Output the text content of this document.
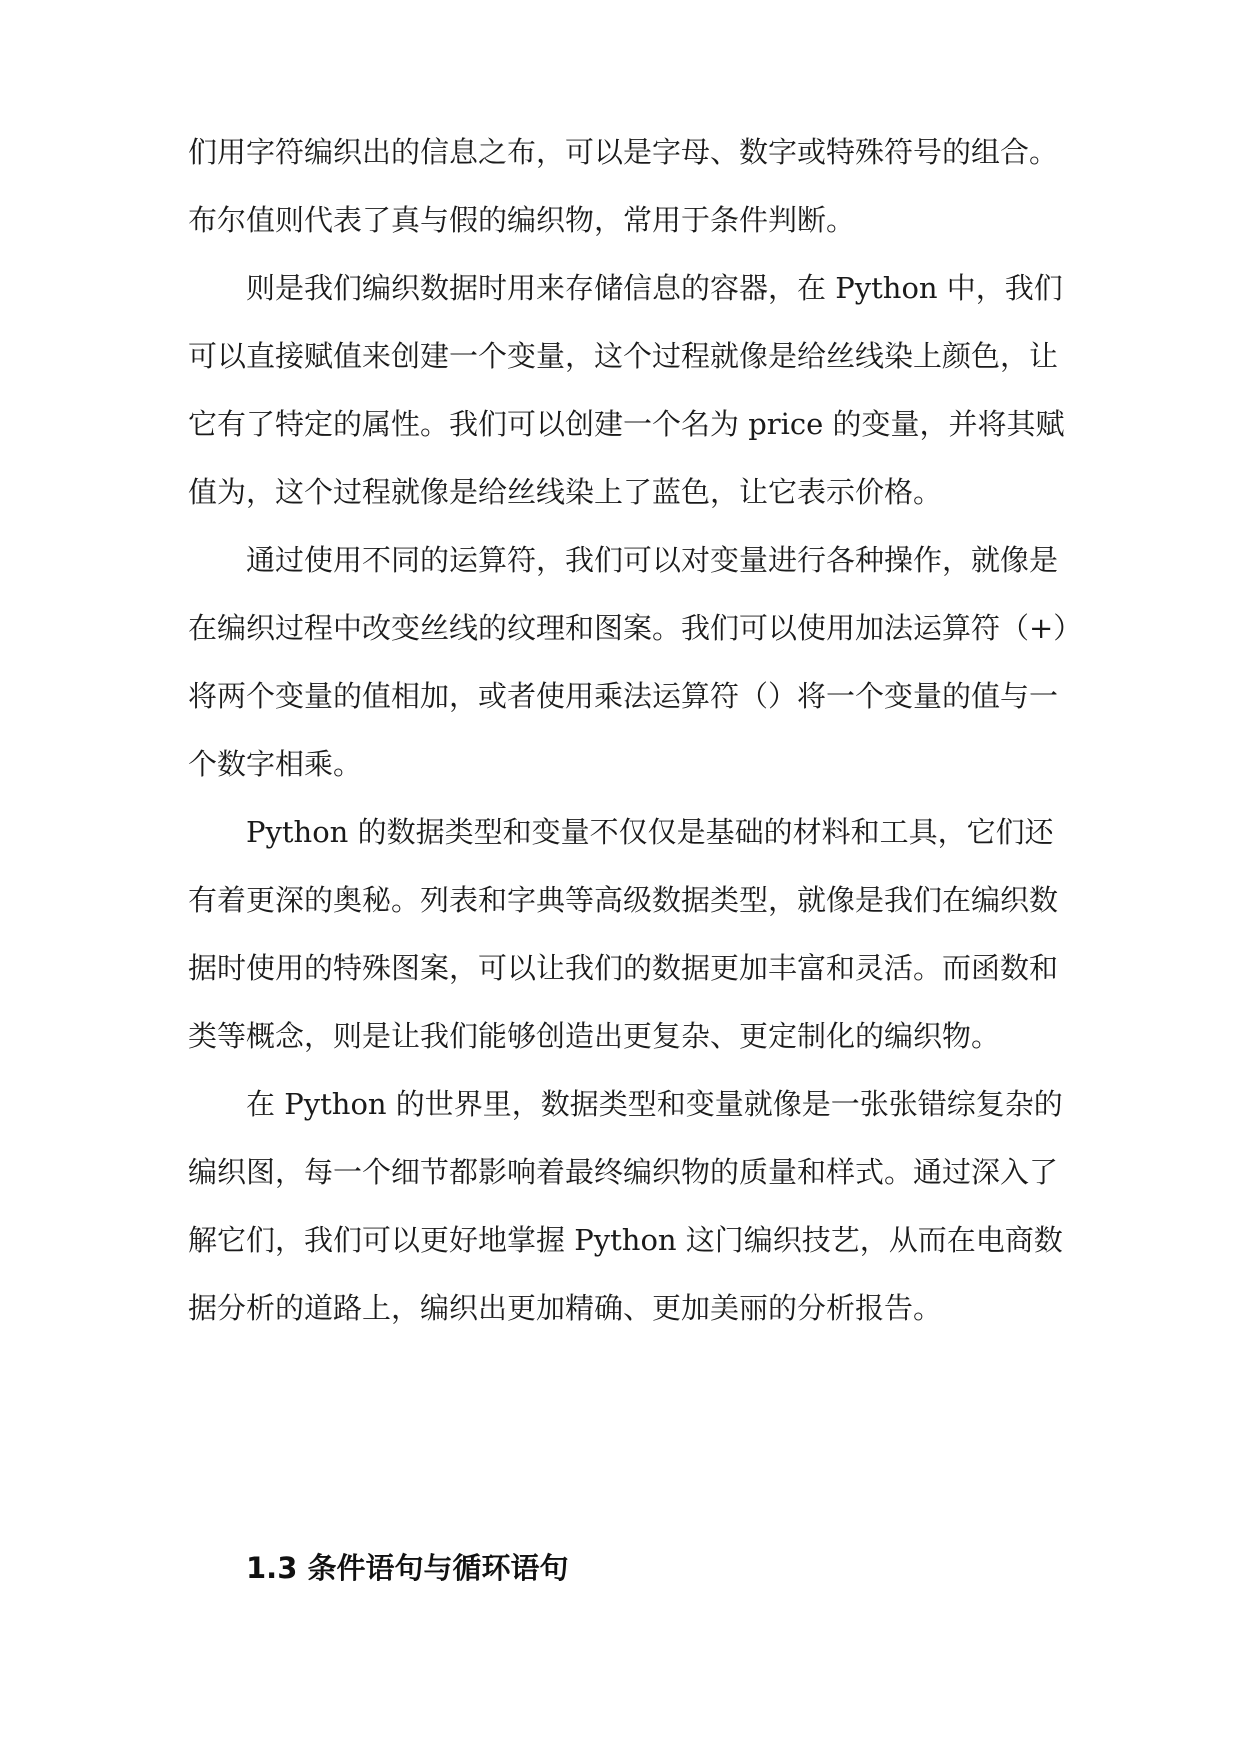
们用字符编织出的信息之布，可以是字母、数字或特殊符号的组合。

布尔值则代表了真与假的编织物，常用于条件判断。

则是我们编织数据时用来存储信息的容器，在 Python 中，我们

可以直接赋值来创建一个变量，这个过程就像是给丝线染上颜色，让

它有了特定的属性。我们可以创建一个名为 price 的变量，并将其赋

值为，这个过程就像是给丝线染上了蓝色，让它表示价格。

通过使用不同的运算符，我们可以对变量进行各种操作，就像是

在编织过程中改变丝线的纹理和图案。我们可以使用加法运算符（+）

将两个变量的值相加，或者使用乘法运算符（）将一个变量的值与一

个数字相乘。

Python 的数据类型和变量不仅仅是基础的材料和工具，它们还

有着更深的奥秘。列表和字典等高级数据类型，就像是我们在编织数

据时使用的特殊图案，可以让我们的数据更加丰富和灵活。而函数和

类等概念，则是让我们能够创造出更复杂、更定制化的编织物。

在 Python 的世界里，数据类型和变量就像是一张张错综复杂的

编织图，每一个细节都影响着最终编织物的质量和样式。通过深入了

解它们，我们可以更好地掌握 Python 这门编织技艺，从而在电商数

据分析的道路上，编织出更加精确、更加美丽的分析报告。

1.3 条件语句与循环语句
